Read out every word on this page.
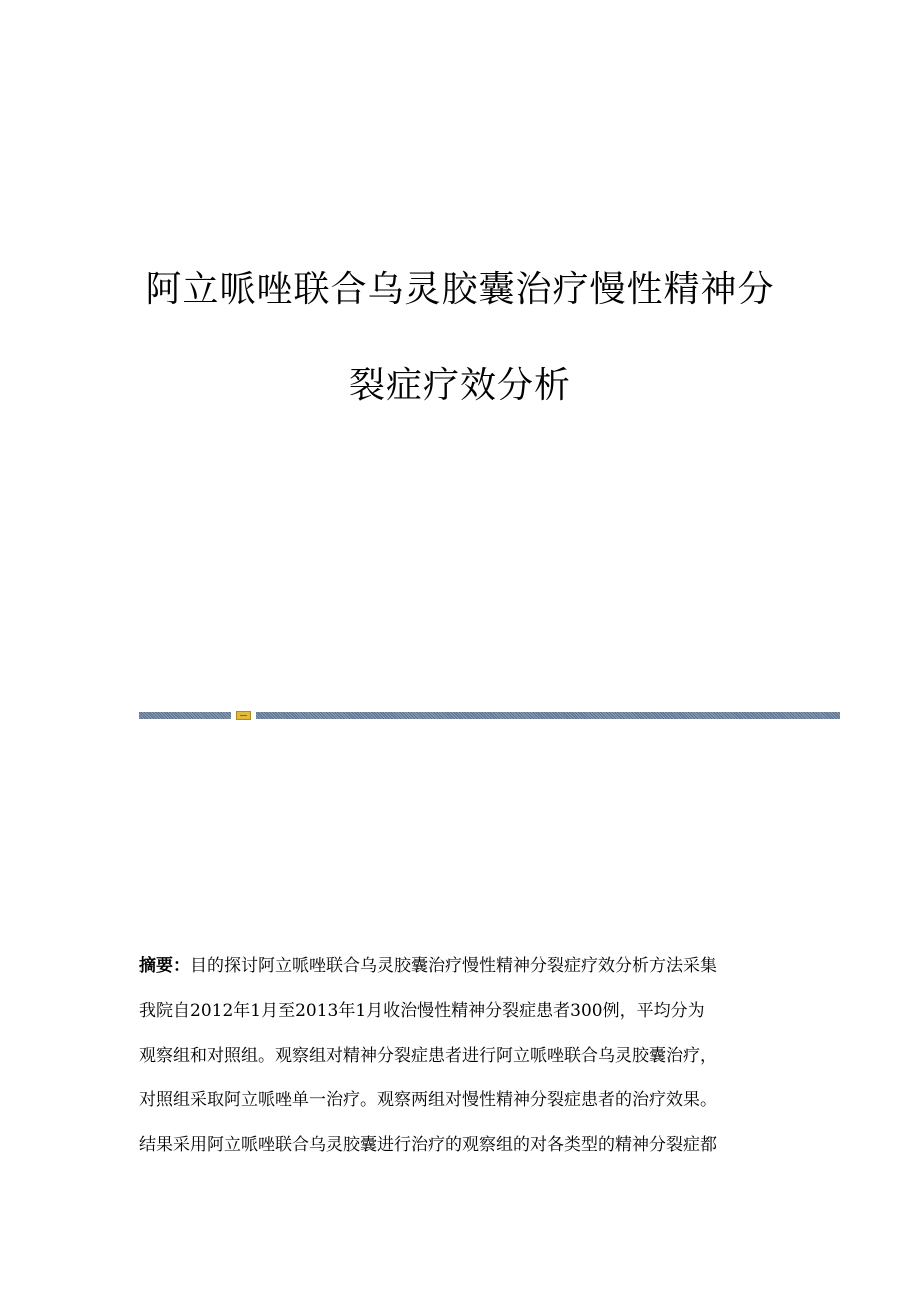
阿立哌唑联合乌灵胶囊治疗慢性精神分
裂症疗效分析
摘要：目的探讨阿立哌唑联合乌灵胶囊治疗慢性精神分裂症疗效分析方法采集
我院自2012年1月至2013年1月收治慢性精神分裂症患者300例，平均分为
观察组和对照组。观察组对精神分裂症患者进行阿立哌唑联合乌灵胶囊治疗，
对照组采取阿立哌唑单一治疗。观察两组对慢性精神分裂症患者的治疗效果。
结果采用阿立哌唑联合乌灵胶囊进行治疗的观察组的对各类型的精神分裂症都
